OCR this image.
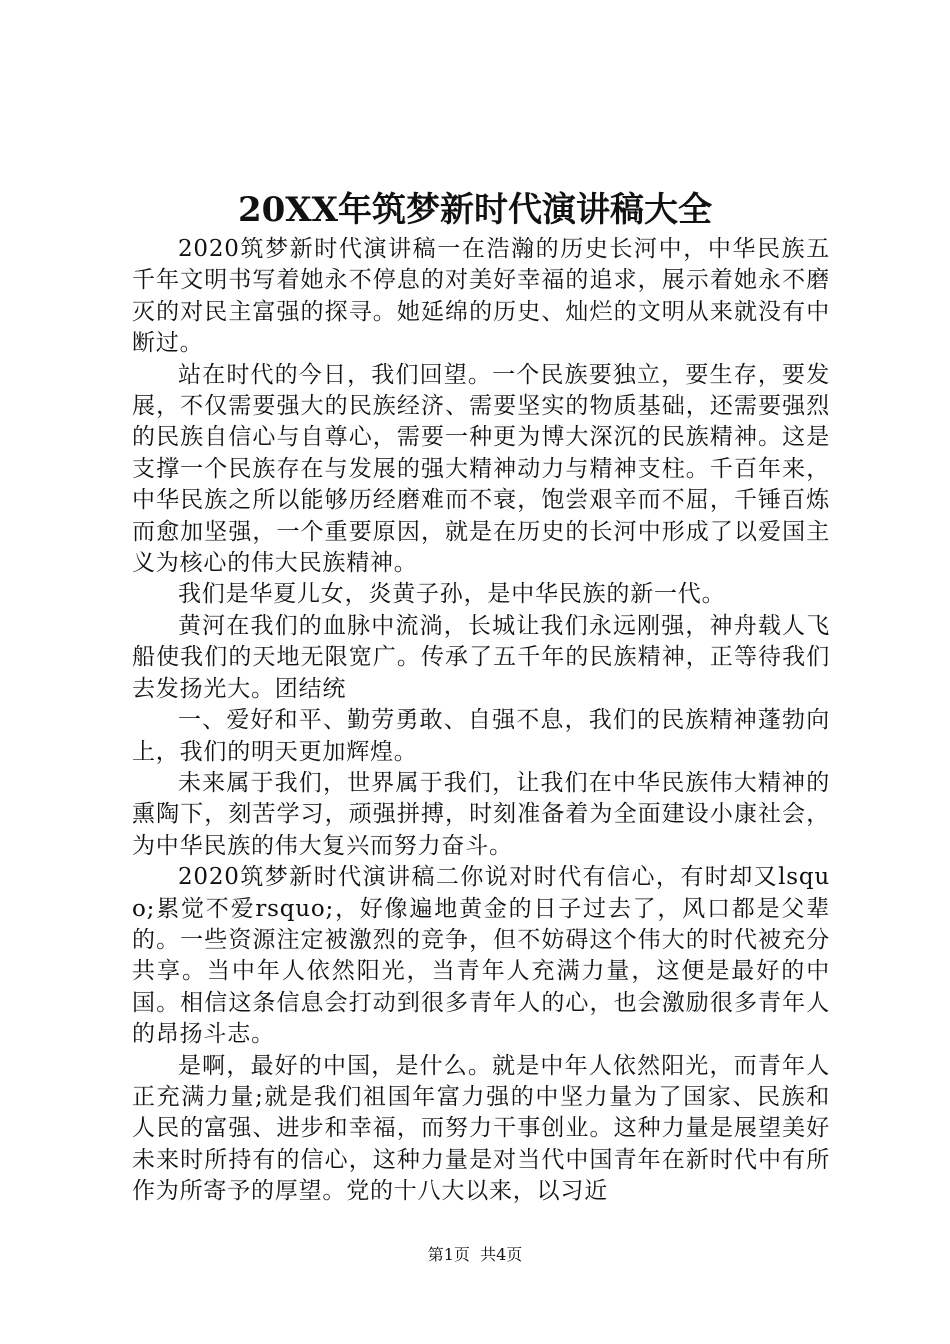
20XX年筑梦新时代演讲稿大全

2020筑梦新时代演讲稿一在浩瀚的历史长河中，中华民族五千年文明书写着她永不停息的对美好幸福的追求，展示着她永不磨灭的对民主富强的探寻。她延绵的历史、灿烂的文明从来就没有中断过。

站在时代的今日，我们回望。一个民族要独立，要生存，要发展，不仅需要强大的民族经济、需要坚实的物质基础，还需要强烈的民族自信心与自尊心，需要一种更为博大深沉的民族精神。这是支撑一个民族存在与发展的强大精神动力与精神支柱。千百年来，中华民族之所以能够历经磨难而不衰，饱尝艰辛而不屈，千锤百炼而愈加坚强，一个重要原因，就是在历史的长河中形成了以爱国主义为核心的伟大民族精神。

我们是华夏儿女，炎黄子孙，是中华民族的新一代。

黄河在我们的血脉中流淌，长城让我们永远刚强，神舟载人飞船使我们的天地无限宽广。传承了五千年的民族精神，正等待我们去发扬光大。团结统

一、爱好和平、勤劳勇敢、自强不息，我们的民族精神蓬勃向上，我们的明天更加辉煌。

未来属于我们，世界属于我们，让我们在中华民族伟大精神的熏陶下，刻苦学习，顽强拼搏，时刻准备着为全面建设小康社会，为中华民族的伟大复兴而努力奋斗。

2020筑梦新时代演讲稿二你说对时代有信心，有时却又lsquo;累觉不爱rsquo;，好像遍地黄金的日子过去了，风口都是父辈的。一些资源注定被激烈的竞争，但不妨碍这个伟大的时代被充分共享。当中年人依然阳光，当青年人充满力量，这便是最好的中国。相信这条信息会打动到很多青年人的心，也会激励很多青年人的昂扬斗志。

是啊，最好的中国，是什么。就是中年人依然阳光，而青年人正充满力量;就是我们祖国年富力强的中坚力量为了国家、民族和人民的富强、进步和幸福，而努力干事创业。这种力量是展望美好未来时所持有的信心，这种力量是对当代中国青年在新时代中有所作为所寄予的厚望。党的十八大以来，以习近

第1页 共4页
